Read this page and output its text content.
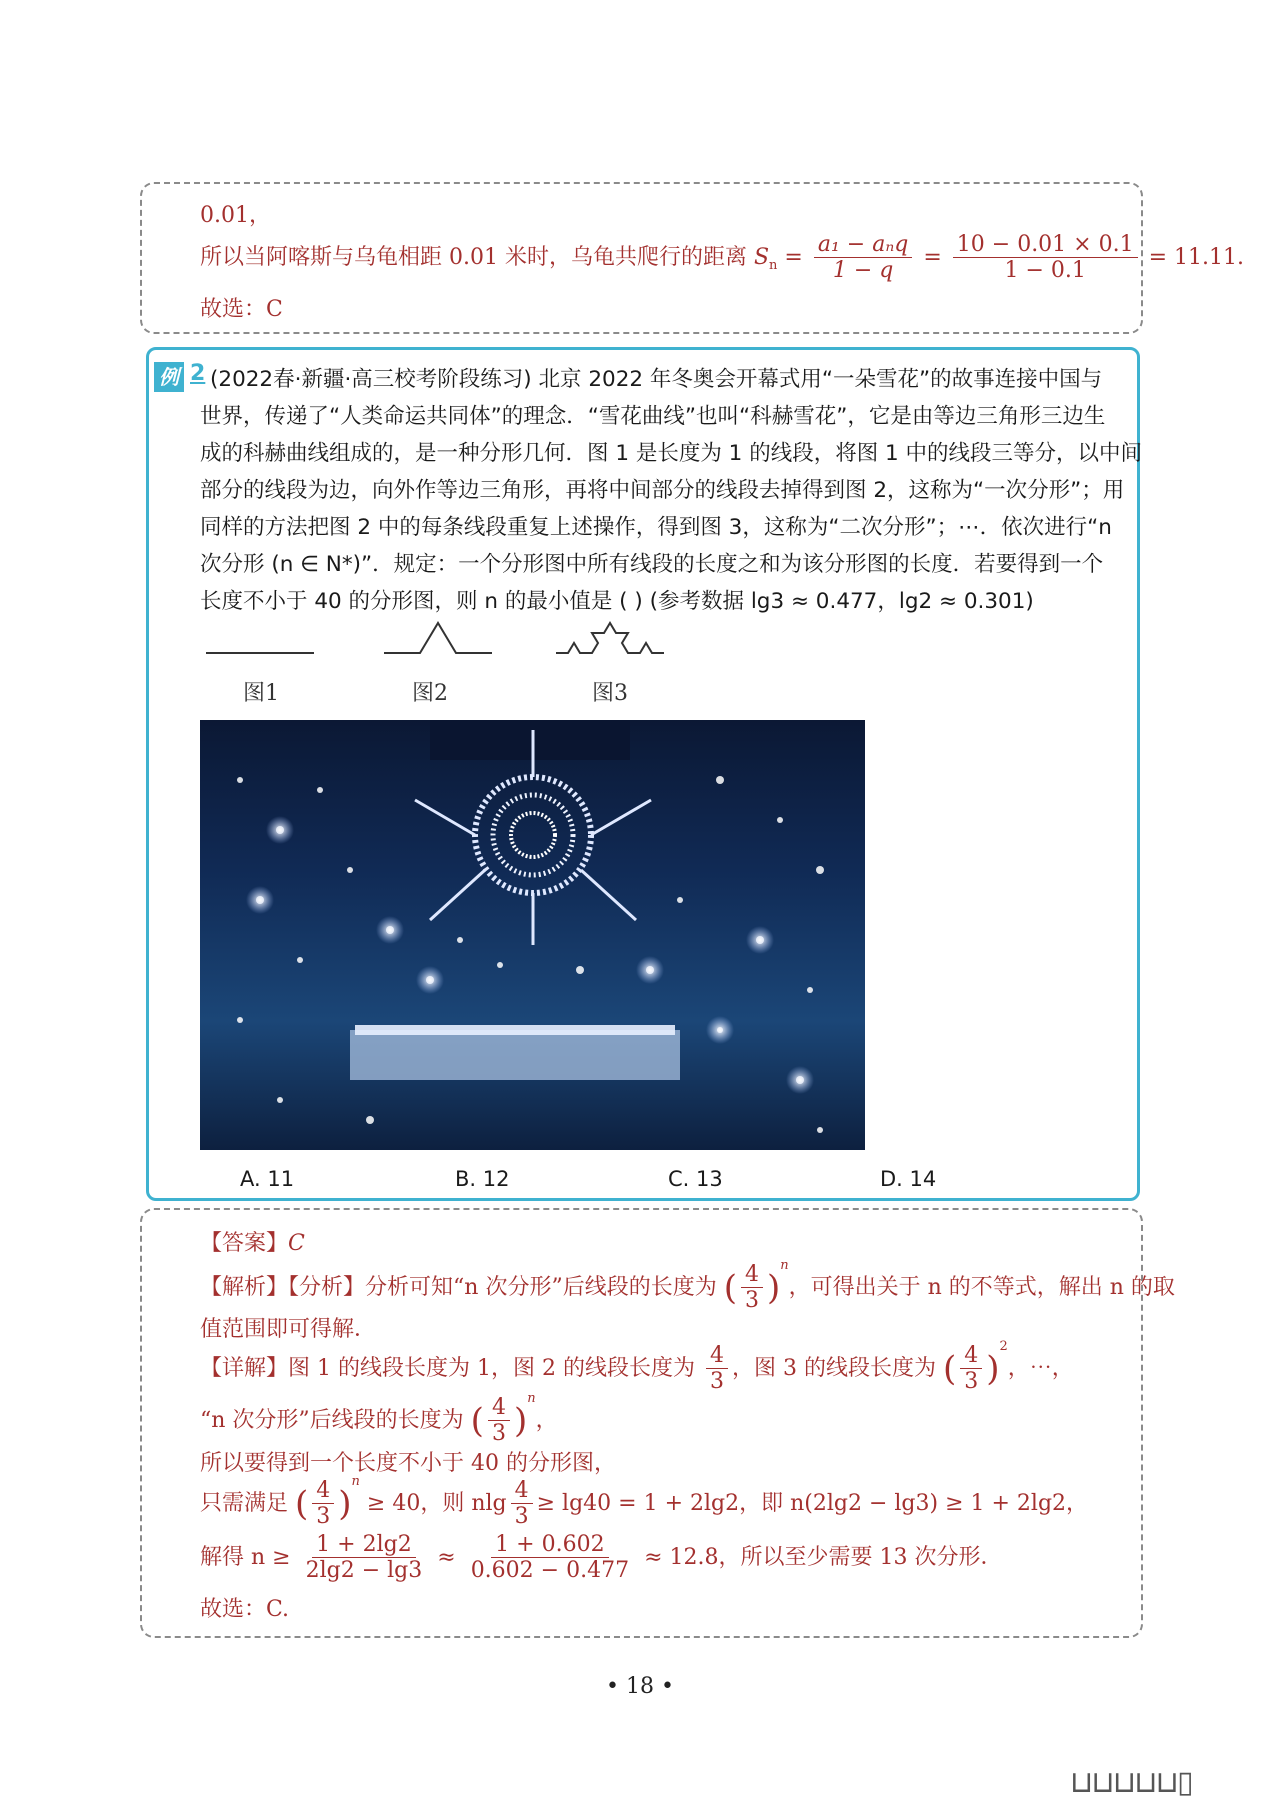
0.01，
所以当阿喀斯与乌龟相距 0.01 米时，乌龟共爬行的距离 $S_n = \frac{\text{a₁ − aₙq}}{1 - q} = \frac{10 - 0.01 \times 0.1}{1 - 0.1} = 11.11$.
故选：C
例 2 (2022春·新疆·高三校考阶段练习) 北京 2022 年冬奥会开幕式用“一朵雪花”的故事连接中国与
世界，传递了“人类命运共同体”的理念．“雪花曲线”也叫“科赫雪花”，它是由等边三角形三边生
成的科赫曲线组成的，是一种分形几何．图 1 是长度为 1 的线段，将图 1 中的线段三等分，以中间
部分的线段为边，向外作等边三角形，再将中间部分的线段去掉得到图 2，这称为“一次分形”；用
同样的方法把图 2 中的每条线段重复上述操作，得到图 3，这称为“二次分形”；⋯．依次进行“n
次分形 (n ∈ N*)”．规定：一个分形图中所有线段的长度之和为该分形图的长度．若要得到一个
长度不小于 40 的分形图，则 n 的最小值是 ( ) (参考数据 lg3 ≈ 0.477，lg2 ≈ 0.301)
图1	图2	图3
A. 11	B. 12	C. 13	D. 14
【答案】C
【解析】【分析】分析可知“n 次分形”后线段的长度为 ( $\frac{4}{3} )^n$，可得出关于 n 的不等式，解出 n 的取
值范围即可得解．
【详解】图 1 的线段长度为 1，图 2 的线段长度为 $\frac{4}{3}$ ，图 3 的线段长度为 ( $\frac{4}{3} )^2$，⋯，
“n 次分形”后线段的长度为 ( $\frac{4}{3} )^n$，
所以要得到一个长度不小于 40 的分形图，
只需满足 ( $\frac{4}{3} )^n \ge 40$，则 nlg $\frac{4}{3} \ge \lg 40 = 1 + 2\lg 2$，即 n(2lg2 − lg3) ≥ 1 + 2lg2，
解得 $n \ge \frac{1 + 2\lg 2}{2\lg 2 - \lg 3} \approx \frac{1 + 0.602}{0.602 - 0.477} \approx 12.8$，所以至少需要 13 次分形．
故选：C.
• 18 •
⊔⊔⊔⊔⊔▯
